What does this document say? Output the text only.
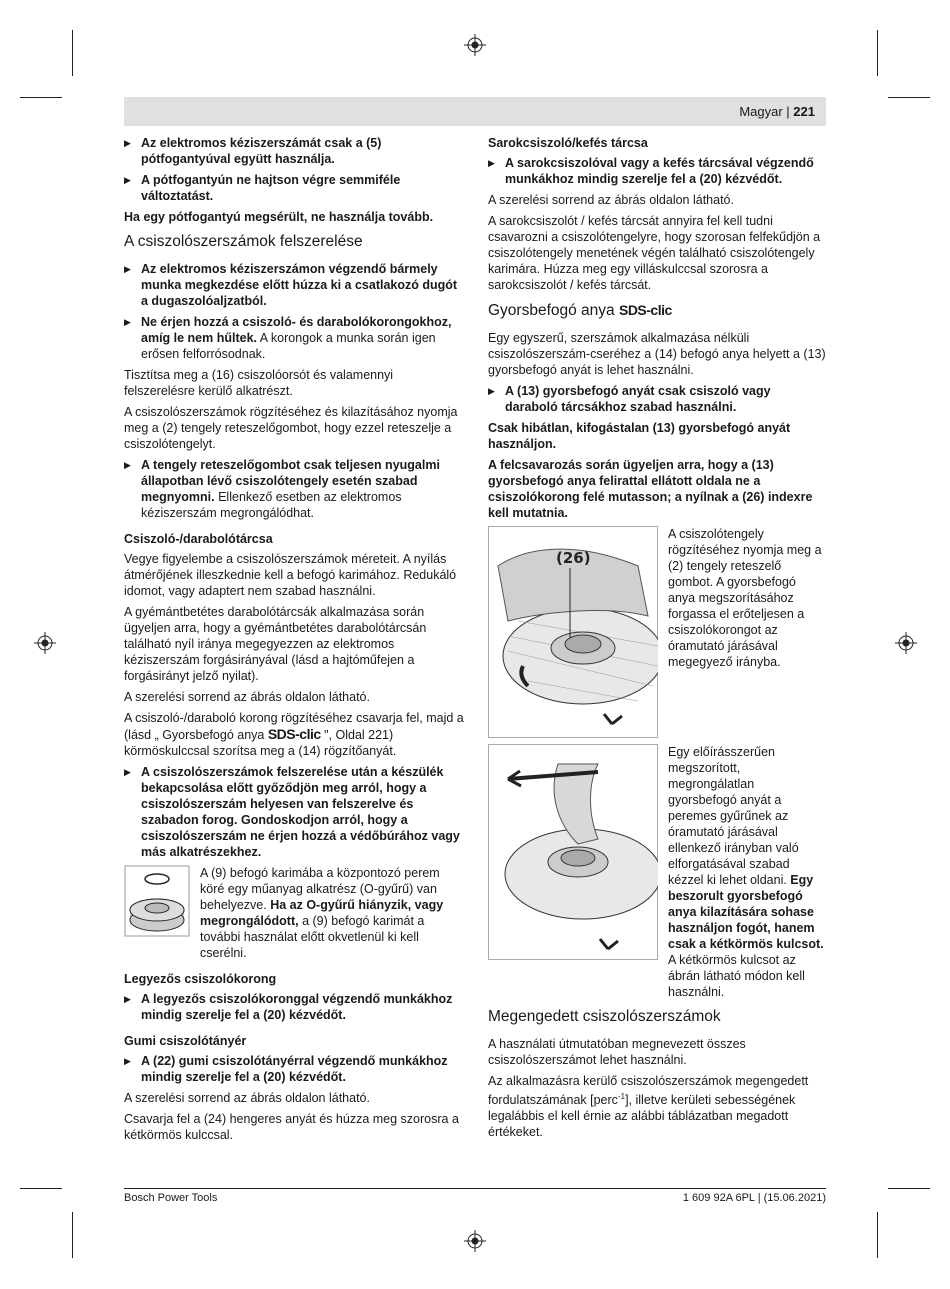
Magyar | 221
▶ Az elektromos kéziszerszámát csak a (5) pótfogantyúval együtt használja.
▶ A pótfogantyún ne hajtson végre semmiféle változtatást.

Ha egy pótfogantyú megsérült, ne használja tovább.

A csiszolószerszámok felszerelése
▶ Az elektromos kéziszerszámon végzendő bármely munka megkezdése előtt húzza ki a csatlakozó dugót a dugaszolóaljzatból.
▶ Ne érjen hozzá a csiszoló- és darabolókorongokhoz, amíg le nem hűltek. A korongok a munka során igen erősen felforrósodnak.

Tisztítsa meg a (16) csiszolóorsót és valamennyi felszerelésre kerülő alkatrészt.

A csiszolószerszámok rögzítéséhez és kilazításához nyomja meg a (2) tengely reteszelőgombot, hogy ezzel reteszelje a csiszolótengelyt.

▶ A tengely reteszelőgombot csak teljesen nyugalmi állapotban lévő csiszolótengely esetén szabad megnyomni. Ellenkező esetben az elektromos kéziszerszám megrongálódhat.
Csiszoló-/darabolótárcsa

Vegye figyelembe a csiszolószerszámok méreteit. A nyílás átmérőjének illeszkednie kell a befogó karimához. Redukáló idomot, vagy adaptert nem szabad használni.

A gyémántbetétes darabolótárcsák alkalmazása során ügyeljen arra, hogy a gyémántbetétes darabolótárcsán található nyíl iránya megegyezzen az elektromos kéziszerszám forgásirányával (lásd a hajtóműfejen a forgásirányt jelző nyilat).

A szerelési sorrend az ábrás oldalon látható.

A csiszoló-/daraboló korong rögzítéséhez csavarja fel, majd a (lásd „ Gyorsbefogó anya SDS-clic ", Oldal 221) körmöskulccsal szorítsa meg a (14) rögzítőanyát.

▶ A csiszolószerszámok felszerelése után a készülék bekapcsolása előtt győződjön meg arról, hogy a csiszolószerszám helyesen van felszerelve és szabadon forog. Gondoskodjon arról, hogy a csiszolószerszám ne érjen hozzá a védőbúrához vagy más alkatrészekhez.

A (9) befogó karimába a központozó perem köré egy műanyag alkatrész (O-gyűrű) van behelyezve. Ha az O-gyűrű hiányzik, vagy megrongálódott, a (9) befogó karimát a további használat előtt okvetlenül ki kell cserélni.

Legyezős csiszolókorong
▶ A legyezős csiszolókoronggal végzendő munkákhoz mindig szerelje fel a (20) kézvédőt.
Gumi csiszolótányér
▶ A (22) gumi csiszolótányérral végzendő munkákhoz mindig szerelje fel a (20) kézvédőt.

A szerelési sorrend az ábrás oldalon látható.

Csavarja fel a (24) hengeres anyát és húzza meg szorosra a kétkörmös kulccsal.

Sarokcsiszoló/kefés tárcsa
▶ A sarokcsiszolóval vagy a kefés tárcsával végzendő munkákhoz mindig szerelje fel a (20) kézvédőt.

A szerelési sorrend az ábrás oldalon látható.

A sarokcsiszolót / kefés tárcsát annyira fel kell tudni csavarozni a csiszolótengelyre, hogy szorosan felfekűdjön a csiszolótengely menetének végén található csiszolótengely karimára. Húzza meg egy villáskulccsal szorosra a sarokcsiszolót / kefés tárcsát.

Gyorsbefogó anya SDS-clic

Egy egyszerű, szerszámok alkalmazása nélküli csiszolószerszám-cseréhez a (14) befogó anya helyett a (13) gyorsbefogó anyát is lehet használni.

▶ A (13) gyorsbefogó anyát csak csiszoló vagy daraboló tárcsákhoz szabad használni.

Csak hibátlan, kifogástalan (13) gyorsbefogó anyát használjon.

A felcsavarozás során ügyeljen arra, hogy a (13) gyorsbefogó anya felirattal ellátott oldala ne a csiszolókorong felé mutasson; a nyílnak a (26) indexre kell mutatnia.

(26)

A csiszolótengely rögzítéséhez nyomja meg a (2) tengely reteszelő gombot. A gyorsbefogó anya megszorításához forgassa el erőteljesen a csiszolókorongot az óramutató járásával megegyező irányba.

Egy előírásszerűen megszorított, megrongálatlan gyorsbefogó anyát a peremes gyűrűnek az óramutató járásával ellenkező irányban való elforgatásával szabad kézzel ki lehet oldani. Egy beszorult gyorsbefogó anya kilazítására sohase használjon fogót, hanem csak a kétkörmös kulcsot. A kétkörmös kulcsot az ábrán látható módon kell használni.

Megengedett csiszolószerszámok

A használati útmutatóban megnevezett összes csiszolószerszámot lehet használni.

Az alkalmazásra kerülő csiszolószerszámok megengedett fordulatszámának [perc$^{-1}$], illetve kerületi sebességének legalábbis el kell érnie az alábbi táblázatban megadott értékeket.

Bosch Power Tools	1 609 92A 6PL | (15.06.2021)
